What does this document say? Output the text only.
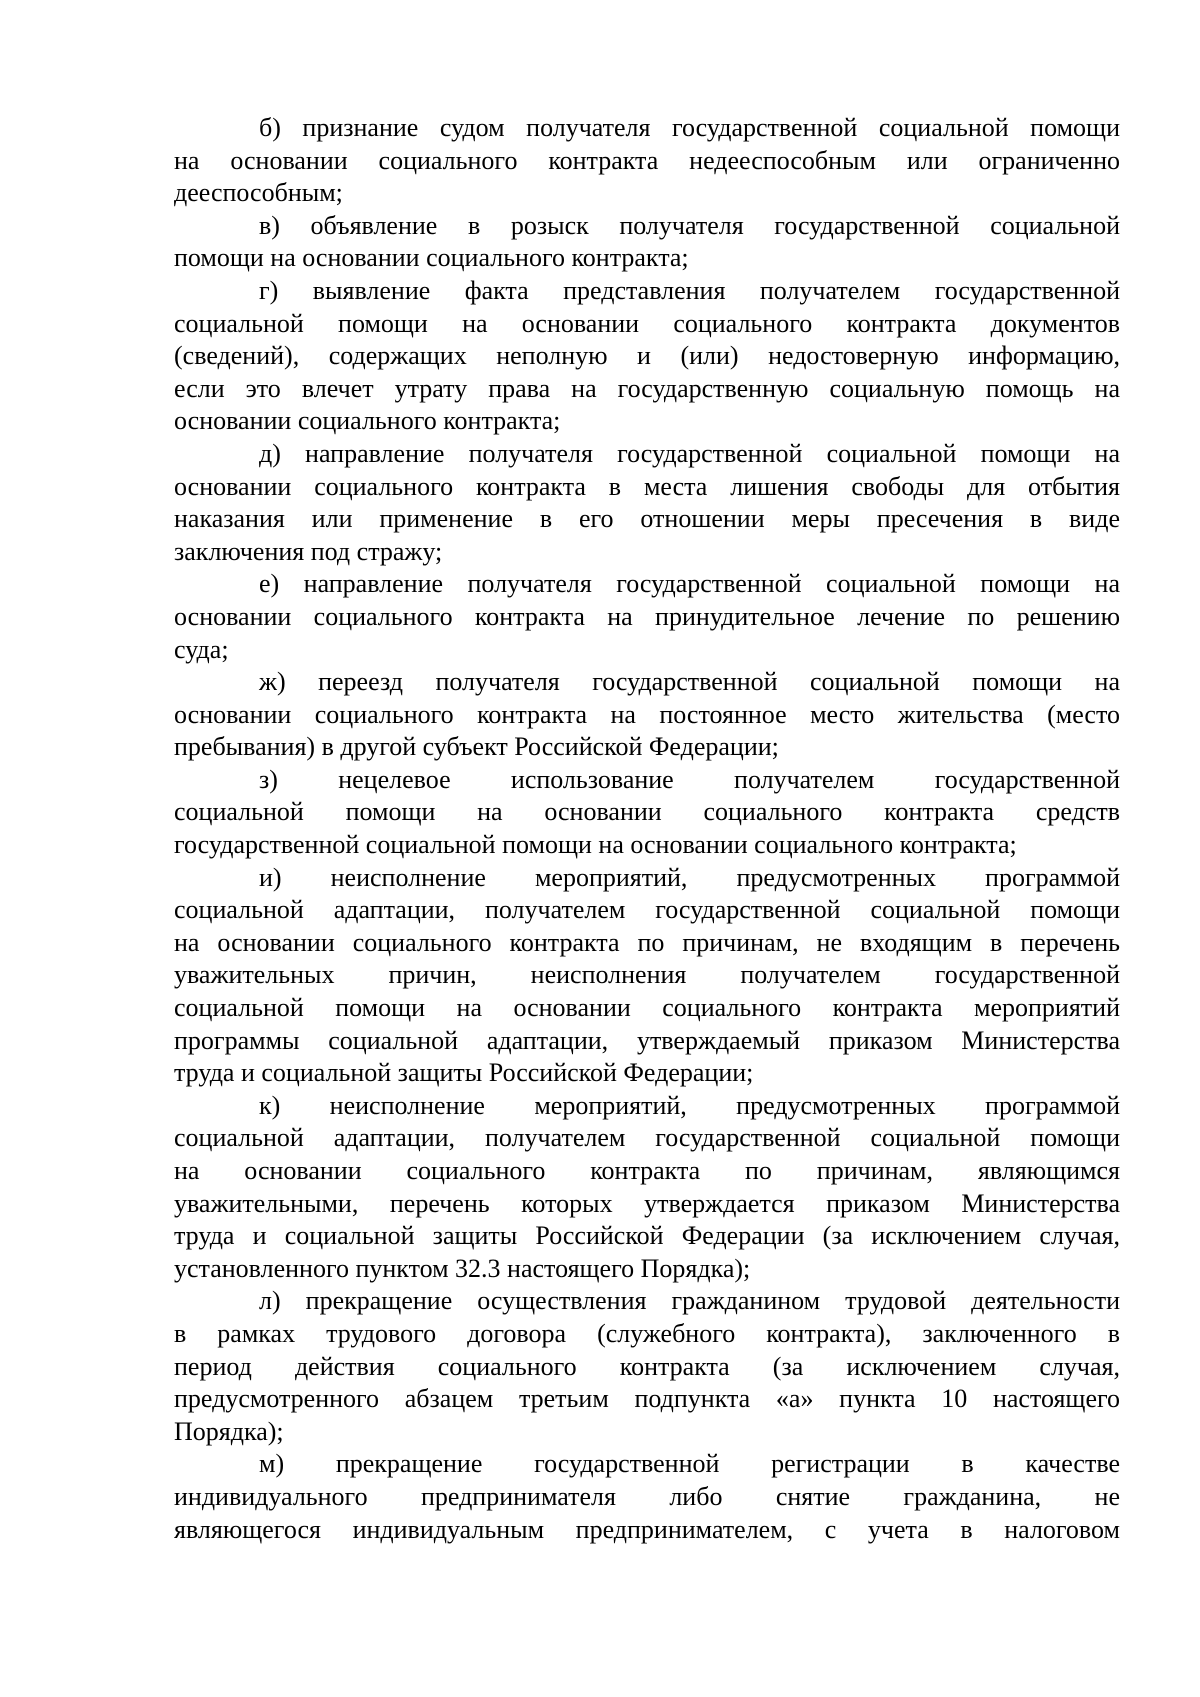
б) признание судом получателя государственной социальной помощи
на основании социального контракта недееспособным или ограниченно
дееспособным;

в) объявление в розыск получателя государственной социальной
помощи на основании социального контракта;

г) выявление факта представления получателем государственной
социальной помощи на основании социального контракта документов
(сведений), содержащих неполную и (или) недостоверную информацию,
если это влечет утрату права на государственную социальную помощь на
основании социального контракта;

д) направление получателя государственной социальной помощи на
основании социального контракта в места лишения свободы для отбытия
наказания или применение в его отношении меры пресечения в виде
заключения под стражу;

е) направление получателя государственной социальной помощи на
основании социального контракта на принудительное лечение по решению
суда;

ж) переезд получателя государственной социальной помощи на
основании социального контракта на постоянное место жительства (место
пребывания) в другой субъект Российской Федерации;

з) нецелевое использование получателем государственной
социальной помощи на основании социального контракта средств
государственной социальной помощи на основании социального контракта;

и) неисполнение мероприятий, предусмотренных программой
социальной адаптации, получателем государственной социальной помощи
на основании социального контракта по причинам, не входящим в перечень
уважительных причин, неисполнения получателем государственной
социальной помощи на основании социального контракта мероприятий
программы социальной адаптации, утверждаемый приказом Министерства
труда и социальной защиты Российской Федерации;

к) неисполнение мероприятий, предусмотренных программой
социальной адаптации, получателем государственной социальной помощи
на основании социального контракта по причинам, являющимся
уважительными, перечень которых утверждается приказом Министерства
труда и социальной защиты Российской Федерации (за исключением случая,
установленного пунктом 32.3 настоящего Порядка);

л) прекращение осуществления гражданином трудовой деятельности
в рамках трудового договора (служебного контракта), заключенного в
период действия социального контракта (за исключением случая,
предусмотренного абзацем третьим подпункта «а» пункта 10 настоящего
Порядка);

м) прекращение государственной регистрации в качестве
индивидуального предпринимателя либо снятие гражданина, не
являющегося индивидуальным предпринимателем, с учета в налоговом
